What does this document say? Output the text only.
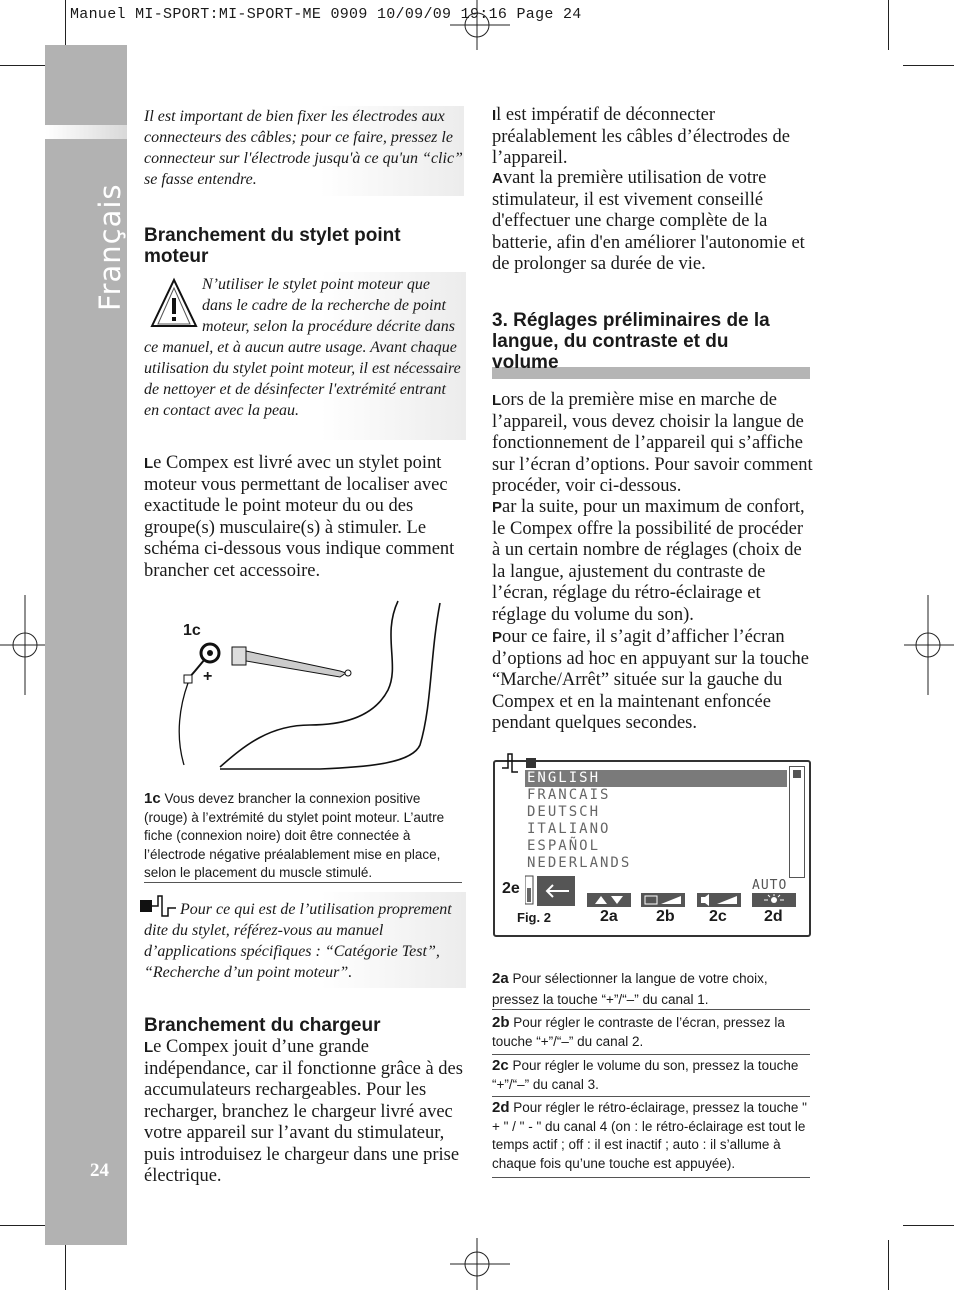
Manuel MI-SPORT:MI-SPORT-ME 0909 10/09/09 19:16 Page 24
Français
24
Il est important de bien fixer les électrodes aux connecteurs des câbles; pour ce faire, pressez le connecteur sur l'électrode jusqu'à ce qu'un “clic” se fasse entendre.
Branchement du stylet point moteur
N’utiliser le stylet point moteur que dans le cadre de la recherche de point moteur, selon la procédure décrite dans ce manuel, et à aucun autre usage. Avant chaque utilisation du stylet point moteur, il est nécessaire de nettoyer et de désinfecter l'extrémité entrant en contact avec la peau.
Le Compex est livré avec un stylet point moteur vous permettant de localiser avec exactitude le point moteur du ou des groupe(s) musculaire(s) à stimuler. Le schéma ci-dessous vous indique comment brancher cet accessoire.
1c
+
1c Vous devez brancher la connexion positive (rouge) à l’extrémité du stylet point moteur. L’autre fiche (connexion noire) doit être connectée à l’électrode négative préalablement mise en place, selon le placement du muscle stimulé.
Pour ce qui est de l’utilisation proprement dite du stylet, référez-vous au manuel d’applications spécifiques : “Catégorie Test”, “Recherche d’un point moteur”.
Branchement du chargeur
Le Compex jouit d’une grande indépendance, car il fonctionne grâce à des accumulateurs rechargeables. Pour les recharger, branchez le chargeur livré avec votre appareil sur l’avant du stimulateur, puis introduisez le chargeur dans une prise électrique.
Il est impératif de déconnecter préalablement les câbles d’électrodes de l’appareil.
Avant la première utilisation de votre stimulateur, il est vivement conseillé d'effectuer une charge complète de la batterie, afin d'en améliorer l'autonomie et de prolonger sa durée de vie.
3. Réglages préliminaires de la langue, du contraste et du volume
Lors de la première mise en marche de l’appareil, vous devez choisir la langue de fonctionnement de l’appareil qui s’affiche sur l’écran d’options. Pour savoir comment procéder, voir ci-dessous.
Par la suite, pour un maximum de confort, le Compex offre la possibilité de procéder à un certain nombre de réglages (choix de la langue, ajustement du contraste de l’écran, réglage du rétro-éclairage et réglage du volume du son).
Pour ce faire, il s’agit d’afficher l’écran d’options ad hoc en appuyant sur la touche “Marche/Arrêt” située sur la gauche du Compex et en la maintenant enfoncée pendant quelques secondes.
ENGLISH
FRANCAIS
DEUTSCH
ITALIANO
ESPAÑOL
NEDERLANDS
AUTO
2e
Fig. 2	2a 2b 2c 2d
2a Pour sélectionner la langue de votre choix, pressez la touche “+”/“–” du canal 1.
2b Pour régler le contraste de l’écran, pressez la touche “+”/“–” du canal 2.
2c Pour régler le volume du son, pressez la touche “+”/“–” du canal 3.
2d Pour régler le rétro-éclairage, pressez la touche " + " / " - " du canal 4 (on : le rétro-éclairage est tout le temps actif ; off : il est inactif ; auto : il s’allume à chaque fois qu’une touche est appuyée).
